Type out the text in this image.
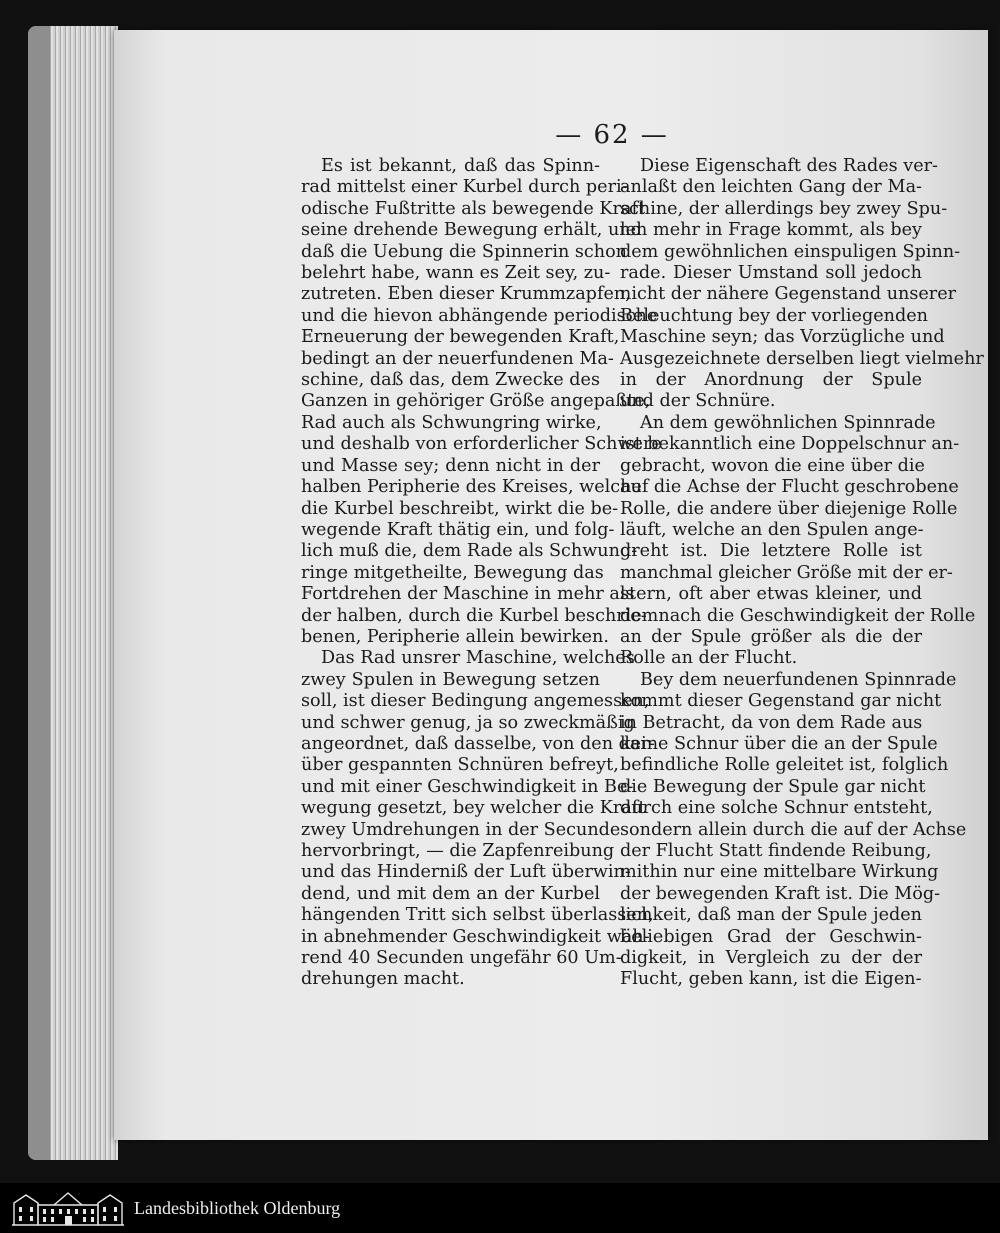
— 62 —
Es ist bekannt, daß das Spinn-
rad mittelst einer Kurbel durch peri-
odische Fußtritte als bewegende Kraft
seine drehende Bewegung erhält, und
daß die Uebung die Spinnerin schon
belehrt habe, wann es Zeit sey, zu-
zutreten. Eben dieser Krummzapfen,
und die hievon abhängende periodische
Erneuerung der bewegenden Kraft,
bedingt an der neuerfundenen Ma-
schine, daß das, dem Zwecke des
Ganzen in gehöriger Größe angepaßte,
Rad auch als Schwungring wirke,
und deshalb von erforderlicher Schwere
und Masse sey; denn nicht in der
halben Peripherie des Kreises, welche
die Kurbel beschreibt, wirkt die be-
wegende Kraft thätig ein, und folg-
lich muß die, dem Rade als Schwung-
ringe mitgetheilte, Bewegung das
Fortdrehen der Maschine in mehr als
der halben, durch die Kurbel beschrie-
benen, Peripherie allein bewirken.
Das Rad unsrer Maschine, welches
zwey Spulen in Bewegung setzen
soll, ist dieser Bedingung angemessen,
und schwer genug, ja so zweckmäßig
angeordnet, daß dasselbe, von den dar-
über gespannten Schnüren befreyt,
und mit einer Geschwindigkeit in Be-
wegung gesetzt, bey welcher die Kraft
zwey Umdrehungen in der Secunde
hervorbringt, — die Zapfenreibung
und das Hinderniß der Luft überwin-
dend, und mit dem an der Kurbel
hängenden Tritt sich selbst überlassen,
in abnehmender Geschwindigkeit wäh-
rend 40 Secunden ungefähr 60 Um-
drehungen macht.
Diese Eigenschaft des Rades ver-
anlaßt den leichten Gang der Ma-
schine, der allerdings bey zwey Spu-
len mehr in Frage kommt, als bey
dem gewöhnlichen einspuligen Spinn-
rade. Dieser Umstand soll jedoch
nicht der nähere Gegenstand unserer
Beleuchtung bey der vorliegenden
Maschine seyn; das Vorzügliche und
Ausgezeichnete derselben liegt vielmehr
in der Anordnung der Spule
und der Schnüre.
An dem gewöhnlichen Spinnrade
ist bekanntlich eine Doppelschnur an-
gebracht, wovon die eine über die
auf die Achse der Flucht geschrobene
Rolle, die andere über diejenige Rolle
läuft, welche an den Spulen ange-
dreht ist. Die letztere Rolle ist
manchmal gleicher Größe mit der er-
stern, oft aber etwas kleiner, und
demnach die Geschwindigkeit der Rolle
an der Spule größer als die der
Rolle an der Flucht.
Bey dem neuerfundenen Spinnrade
kommt dieser Gegenstand gar nicht
in Betracht, da von dem Rade aus
keine Schnur über die an der Spule
befindliche Rolle geleitet ist, folglich
die Bewegung der Spule gar nicht
durch eine solche Schnur entsteht,
sondern allein durch die auf der Achse
der Flucht Statt findende Reibung,
mithin nur eine mittelbare Wirkung
der bewegenden Kraft ist. Die Mög-
lichkeit, daß man der Spule jeden
beliebigen Grad der Geschwin-
digkeit, in Vergleich zu der der
Flucht, geben kann, ist die Eigen-
Landesbibliothek Oldenburg
